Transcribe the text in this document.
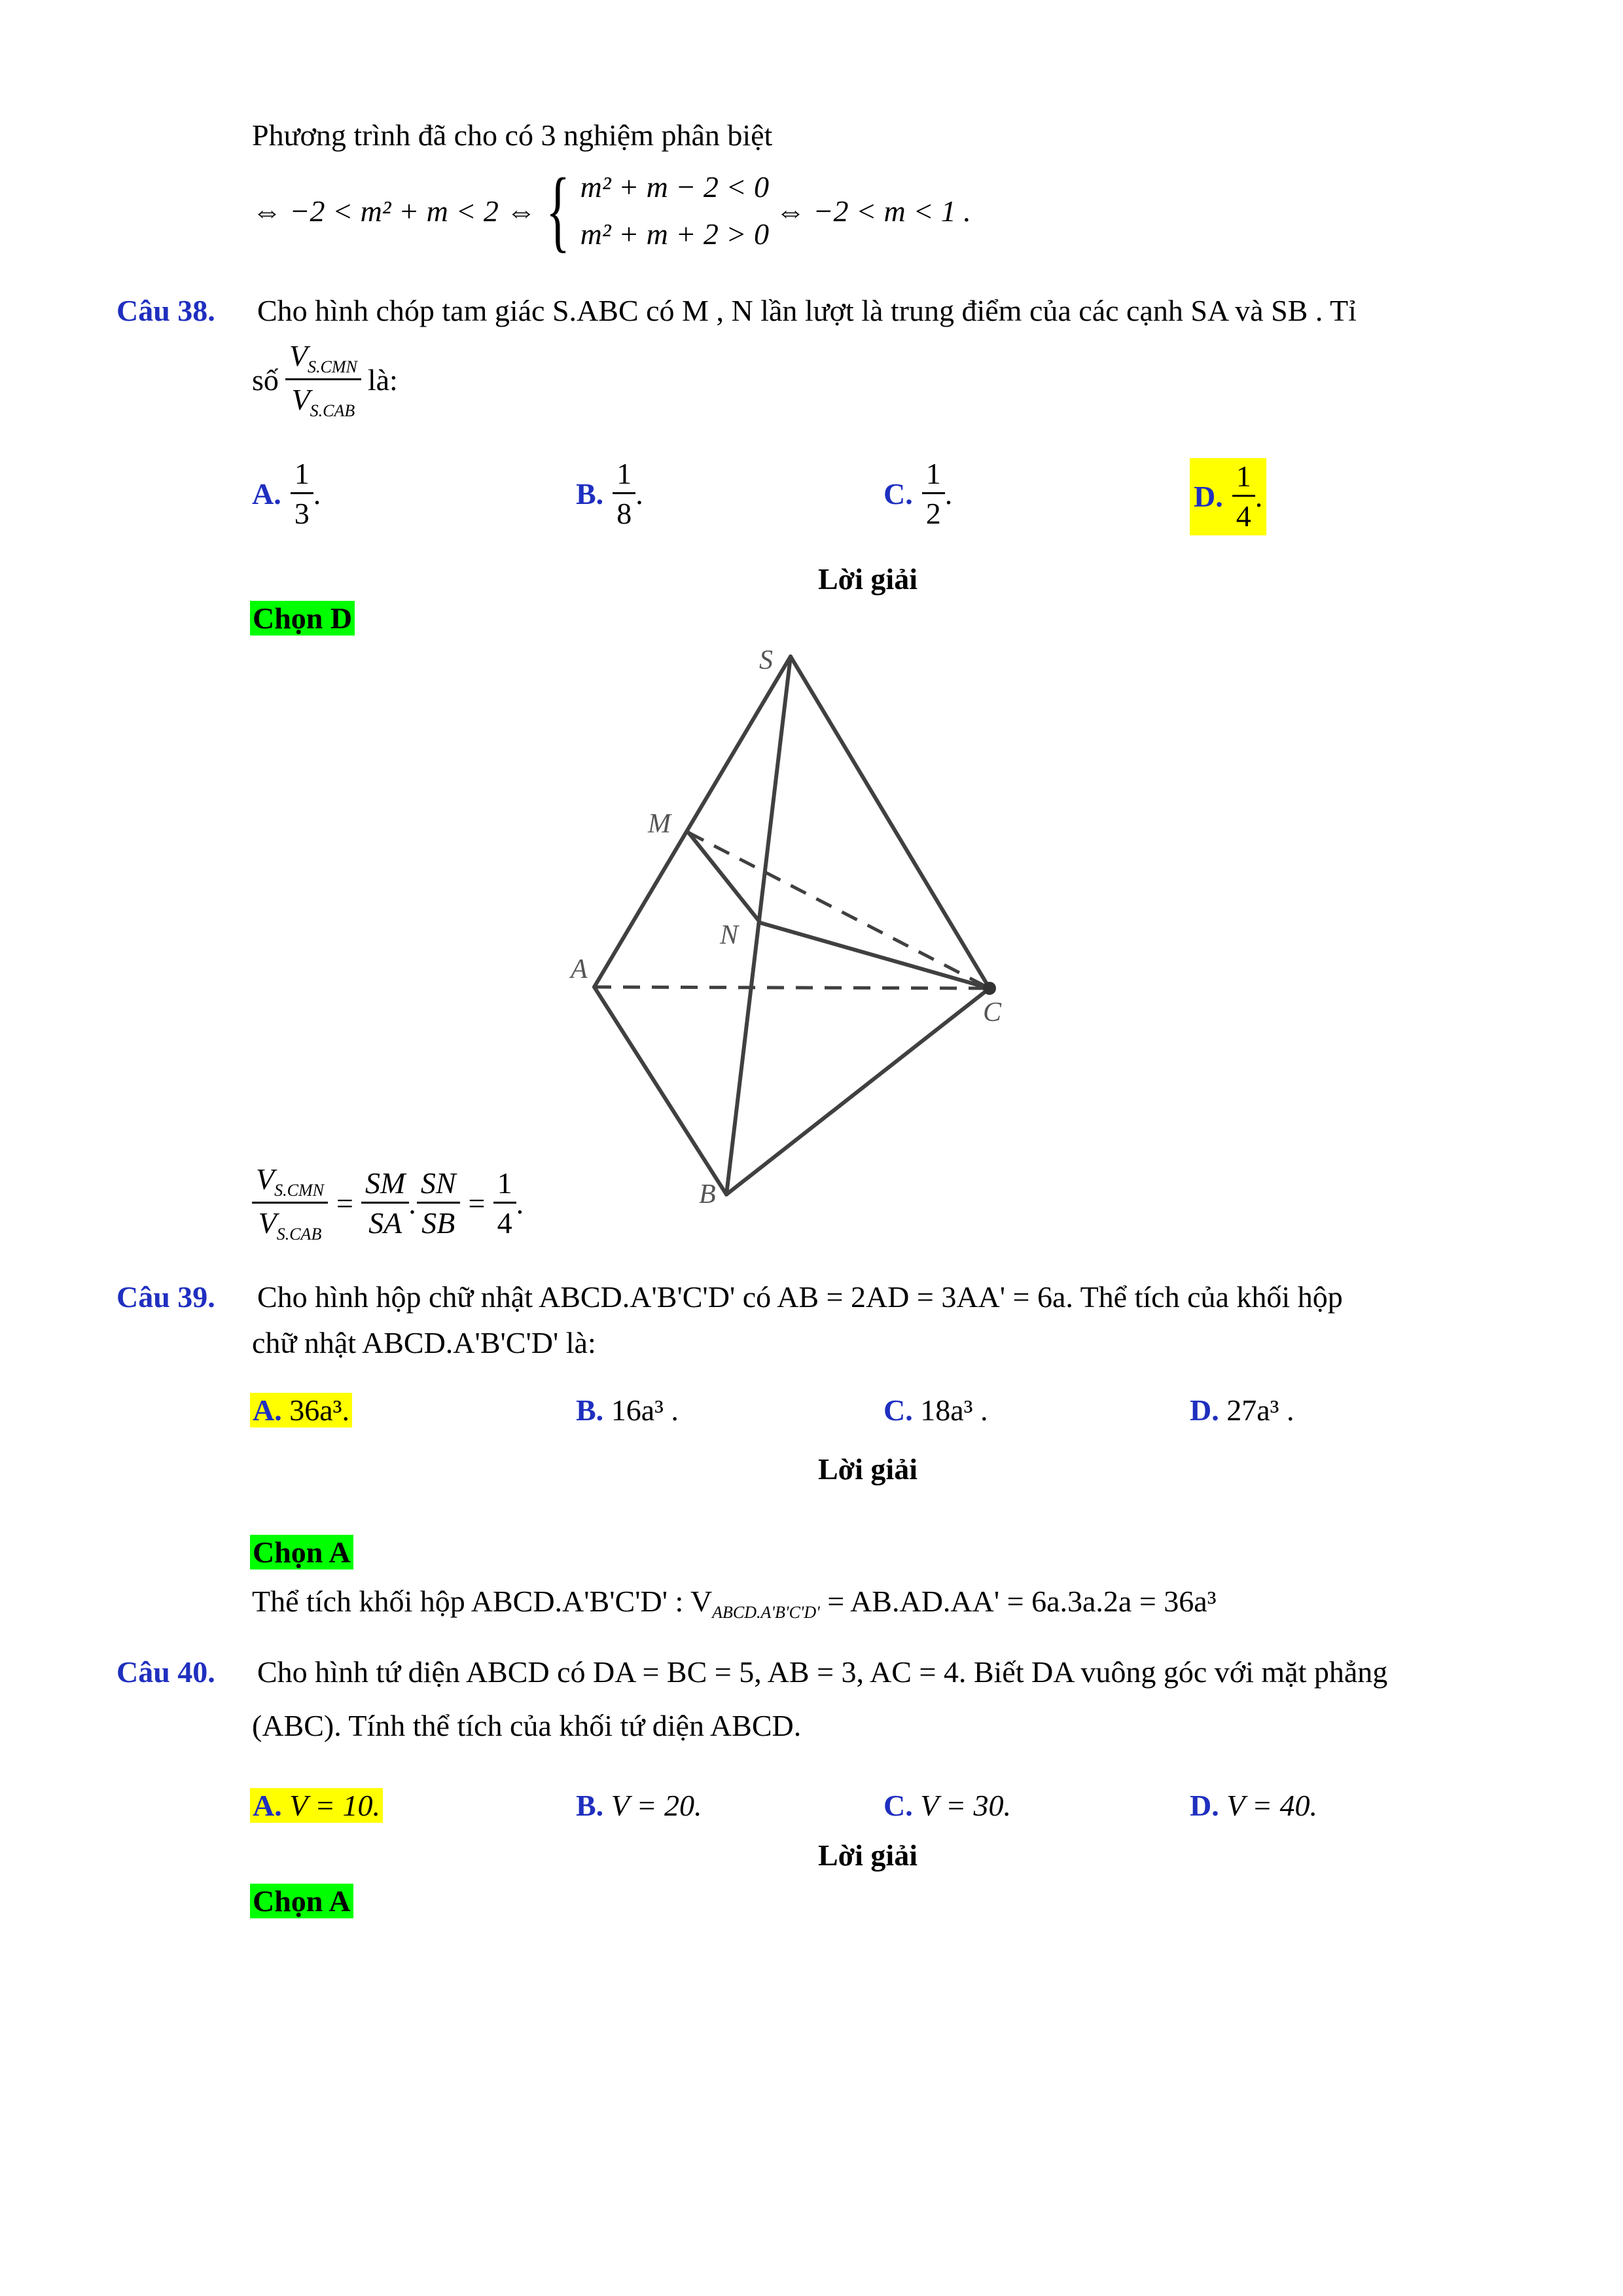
Phương trình đã cho có 3 nghiệm phân biệt
⇔ −2 < m² + m < 2 ⇔ { m² + m − 2 < 0
m² + m + 2 > 0
⇔ −2 < m < 1 .
Câu 38. Cho hình chóp tam giác S.ABC có M , N lần lượt là trung điểm của các cạnh SA và SB . Tỉ
số $\frac{V_{S.CMN}}{V_{S.CAB}}$ là:
A. $\frac{1}{3}$ .	B. $\frac{1}{8}$ .	C. $\frac{1}{2}$ .	D. $\frac{1}{4}$ .
Lời giải
Chọn D
S
M
N
A
B
C
$\frac{V_{S.CMN}}{V_{S.CAB}} = \frac{SM}{SA}$ . $\frac{SN}{SB} = \frac{1}{4}$ .
Câu 39. Cho hình hộp chữ nhật ABCD.A'B'C'D' có AB = 2AD = 3AA' = 6a. Thể tích của khối hộp
chữ nhật ABCD.A'B'C'D' là:
A. 36a³.	B. 16a³ .	C. 18a³ .	D. 27a³ .
Lời giải
Chọn A
Thể tích khối hộp ABCD.A'B'C'D' : $V_{ABCD.A'B'C'D'} = AB.AD.AA' = 6a.3a.2a = 36a^3$
Câu 40. Cho hình tứ diện ABCD có DA = BC = 5, AB = 3, AC = 4. Biết DA vuông góc với mặt phẳng
(ABC). Tính thể tích của khối tứ diện ABCD.
A. V = 10.	B. V = 20.	C. V = 30.	D. V = 40.
Lời giải
Chọn A
